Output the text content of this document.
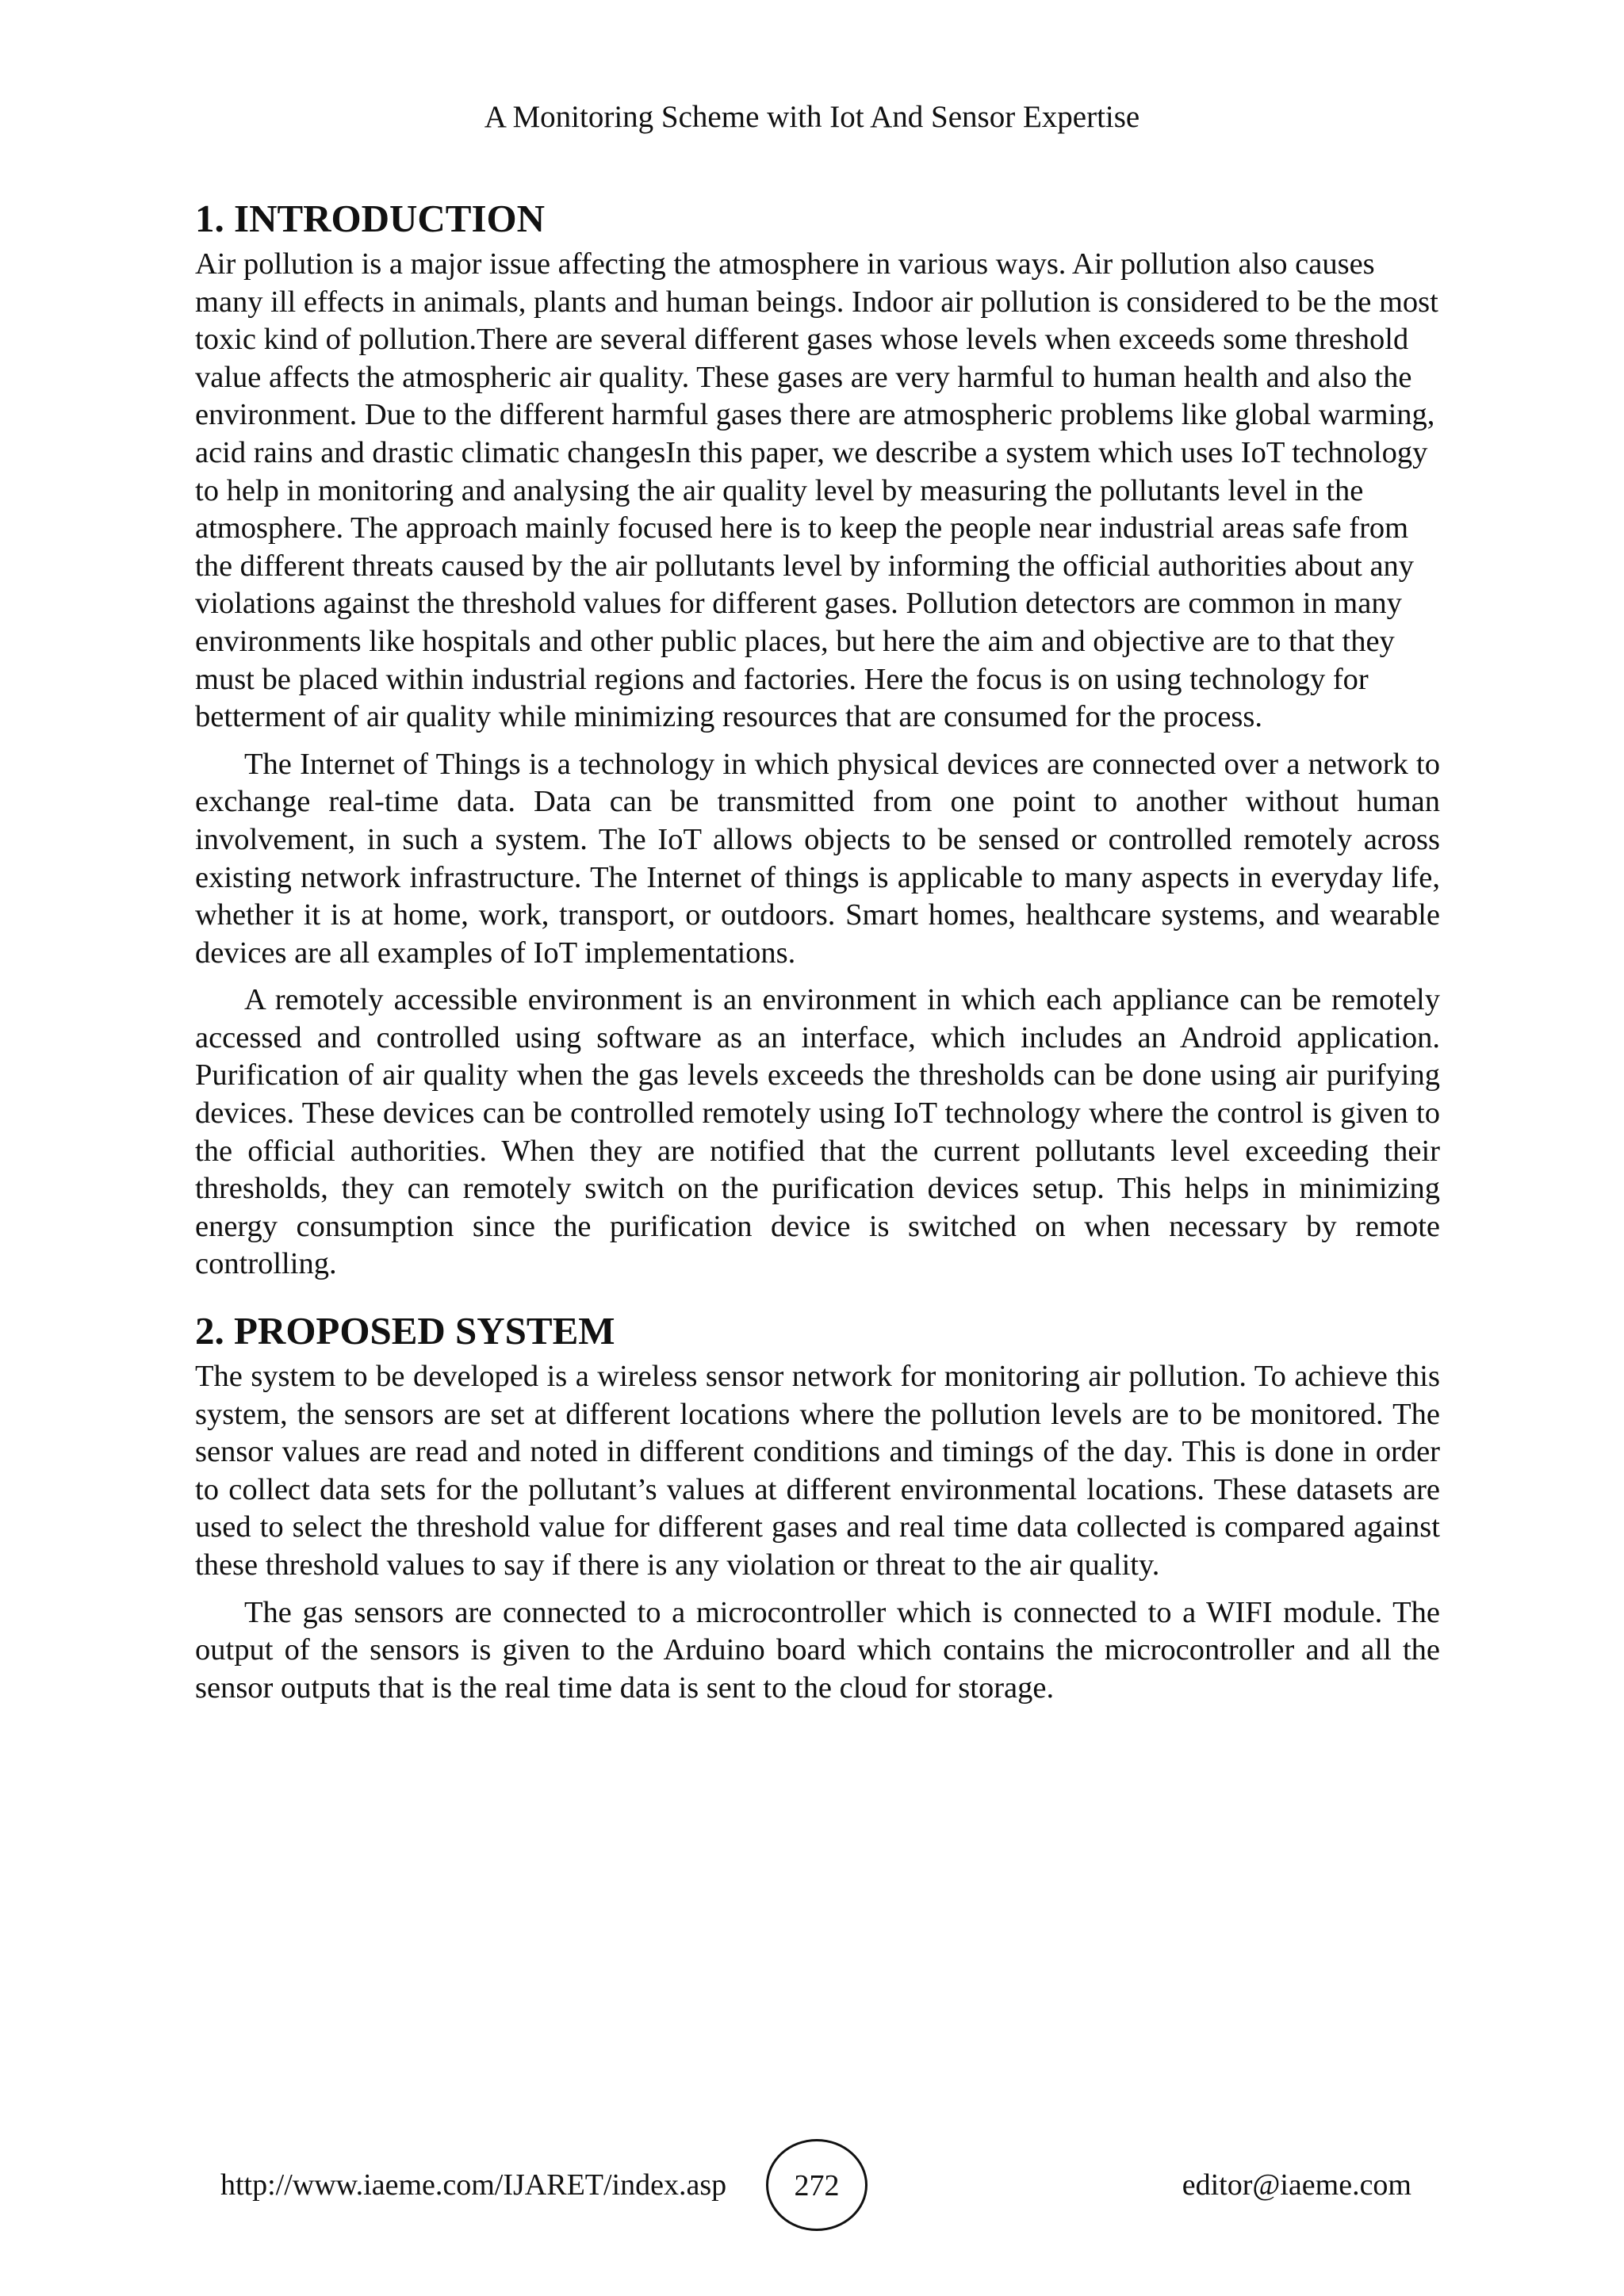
A Monitoring Scheme with Iot And Sensor Expertise
1. INTRODUCTION

Air pollution is a major issue affecting the atmosphere in various ways. Air pollution also causes many ill effects in animals, plants and human beings. Indoor air pollution is considered to be the most toxic kind of pollution.There are several different gases whose levels when exceeds some threshold value affects the atmospheric air quality. These gases are very harmful to human health and also the environment. Due to the different harmful gases there are atmospheric problems like global warming, acid rains and drastic climatic changesIn this paper, we describe a system which uses IoT technology to help in monitoring and analysing the air quality level by measuring the pollutants level in the atmosphere. The approach mainly focused here is to keep the people near industrial areas safe from the different threats caused by the air pollutants level by informing the official authorities about any violations against the threshold values for different gases. Pollution detectors are common in many environments like hospitals and other public places, but here the aim and objective are to that they must be placed within industrial regions and factories. Here the focus is on using technology for betterment of air quality while minimizing resources that are consumed for the process.

The Internet of Things is a technology in which physical devices are connected over a network to exchange real-time data. Data can be transmitted from one point to another without human involvement, in such a system. The IoT allows objects to be sensed or controlled remotely across existing network infrastructure. The Internet of things is applicable to many aspects in everyday life, whether it is at home, work, transport, or outdoors. Smart homes, healthcare systems, and wearable devices are all examples of IoT implementations.

A remotely accessible environment is an environment in which each appliance can be remotely accessed and controlled using software as an interface, which includes an Android application. Purification of air quality when the gas levels exceeds the thresholds can be done using air purifying devices. These devices can be controlled remotely using IoT technology where the control is given to the official authorities. When they are notified that the current pollutants level exceeding their thresholds, they can remotely switch on the purification devices setup. This helps in minimizing energy consumption since the purification device is switched on when necessary by remote controlling.

2. PROPOSED SYSTEM

The system to be developed is a wireless sensor network for monitoring air pollution. To achieve this system, the sensors are set at different locations where the pollution levels are to be monitored. The sensor values are read and noted in different conditions and timings of the day. This is done in order to collect data sets for the pollutant’s values at different environmental locations. These datasets are used to select the threshold value for different gases and real time data collected is compared against these threshold values to say if there is any violation or threat to the air quality.

The gas sensors are connected to a microcontroller which is connected to a WIFI module. The output of the sensors is given to the Arduino board which contains the microcontroller and all the sensor outputs that is the real time data is sent to the cloud for storage.

http://www.iaeme.com/IJARET/index.asp	272	editor@iaeme.com
